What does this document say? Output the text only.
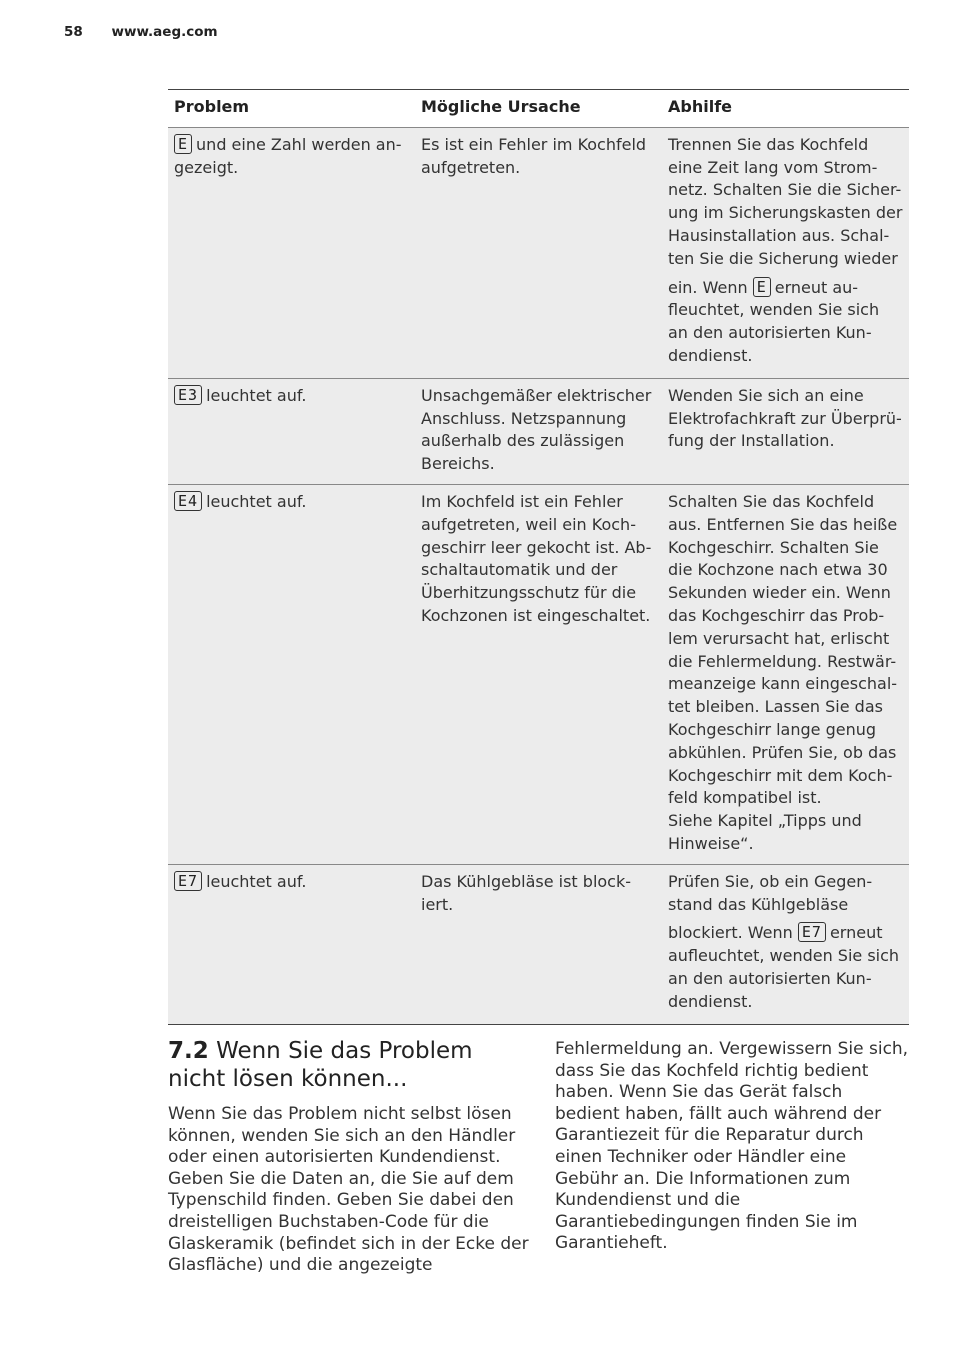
58 www.aeg.com
Problem	Mögliche Ursache	Abhilfe
E und eine Zahl werden an-gezeigt.	Es ist ein Fehler im Kochfeld aufgetreten.	Trennen Sie das Kochfeld eine Zeit lang vom Strom-netz. Schalten Sie die Sicher-ung im Sicherungskasten der Hausinstallation aus. Schal-ten Sie die Sicherung wieder
ein. Wenn E erneut au-fleuchtet, wenden Sie sich an den autorisierten Kun-dendienst.

E3 leuchtet auf.	Unsachgemäßer elektrischer Anschluss. Netzspannung außerhalb des zulässigen Bereichs.	Wenden Sie sich an eine Elektrofachkraft zur Überprü-fung der Installation.
E4 leuchtet auf.	Im Kochfeld ist ein Fehler aufgetreten, weil ein Koch-geschirr leer gekocht ist. Ab-schaltautomatik und der Überhitzungsschutz für die Kochzonen ist eingeschaltet.	Schalten Sie das Kochfeld aus. Entfernen Sie das heiße Kochgeschirr. Schalten Sie die Kochzone nach etwa 30 Sekunden wieder ein. Wenn das Kochgeschirr das Prob-lem verursacht hat, erlischt die Fehlermeldung. Restwär-meanzeige kann eingeschal-tet bleiben. Lassen Sie das Kochgeschirr lange genug abkühlen. Prüfen Sie, ob das Kochgeschirr mit dem Koch-feld kompatibel ist.
Siehe Kapitel „Tipps und Hinweise“.

E7 leuchtet auf.	Das Kühlgebläse ist block-iert.	Prüfen Sie, ob ein Gegen-stand das Kühlgebläse
blockiert. Wenn E7 erneut aufleuchtet, wenden Sie sich an den autorisierten Kun-dendienst.
7.2 Wenn Sie das Problem nicht lösen können...

Wenn Sie das Problem nicht selbst lösen können, wenden Sie sich an den Händler oder einen autorisierten Kundendienst. Geben Sie die Daten an, die Sie auf dem Typenschild finden. Geben Sie dabei den dreistelligen Buchstaben-Code für die Glaskeramik (befindet sich in der Ecke der Glasfläche) und die angezeigte

Fehlermeldung an. Vergewissern Sie sich, dass Sie das Kochfeld richtig bedient haben. Wenn Sie das Gerät falsch bedient haben, fällt auch während der Garantiezeit für die Reparatur durch einen Techniker oder Händler eine Gebühr an. Die Informationen zum Kundendienst und die Garantiebedingungen finden Sie im Garantieheft.
